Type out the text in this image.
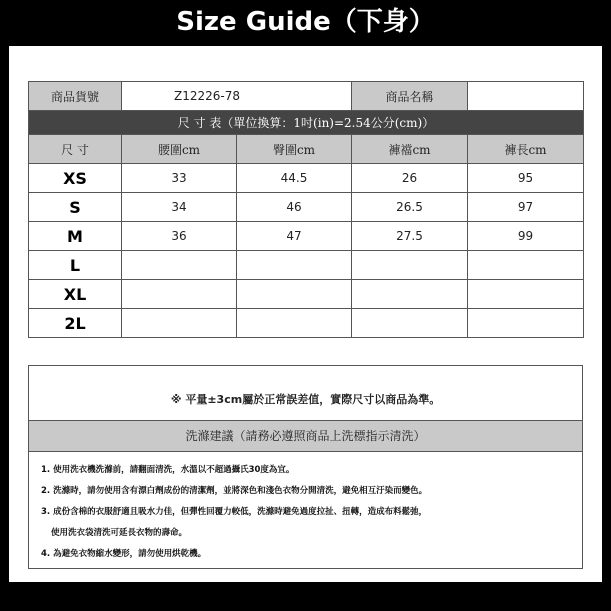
Size Guide（下身）
商品貨號	Z12226-78		商品名稱	
尺 寸 表（單位換算：1吋(in)=2.54公分(cm)）				
尺 寸	腰圍cm	臀圍cm	褲襠cm	褲長cm
XS	33	44.5	26	95
S	34	46	26.5	97
M	36	47	27.5	99
L				
XL				
2L				
※ 平量±3cm屬於正常誤差值，實際尺寸以商品為準。
洗滌建議（請務必遵照商品上洗標指示清洗）
1. 使用洗衣機洗滌前，請翻面清洗，水溫以不超過攝氏30度為宜。
2. 洗滌時，請勿使用含有漂白劑成份的清潔劑，並將深色和淺色衣物分開清洗，避免相互汙染而變色。
3. 成份含棉的衣服舒適且吸水力佳，但彈性回覆力較低，洗滌時避免過度拉扯、扭轉，造成布料鬆弛，
使用洗衣袋清洗可延長衣物的壽命。
4. 為避免衣物縮水變形，請勿使用烘乾機。
